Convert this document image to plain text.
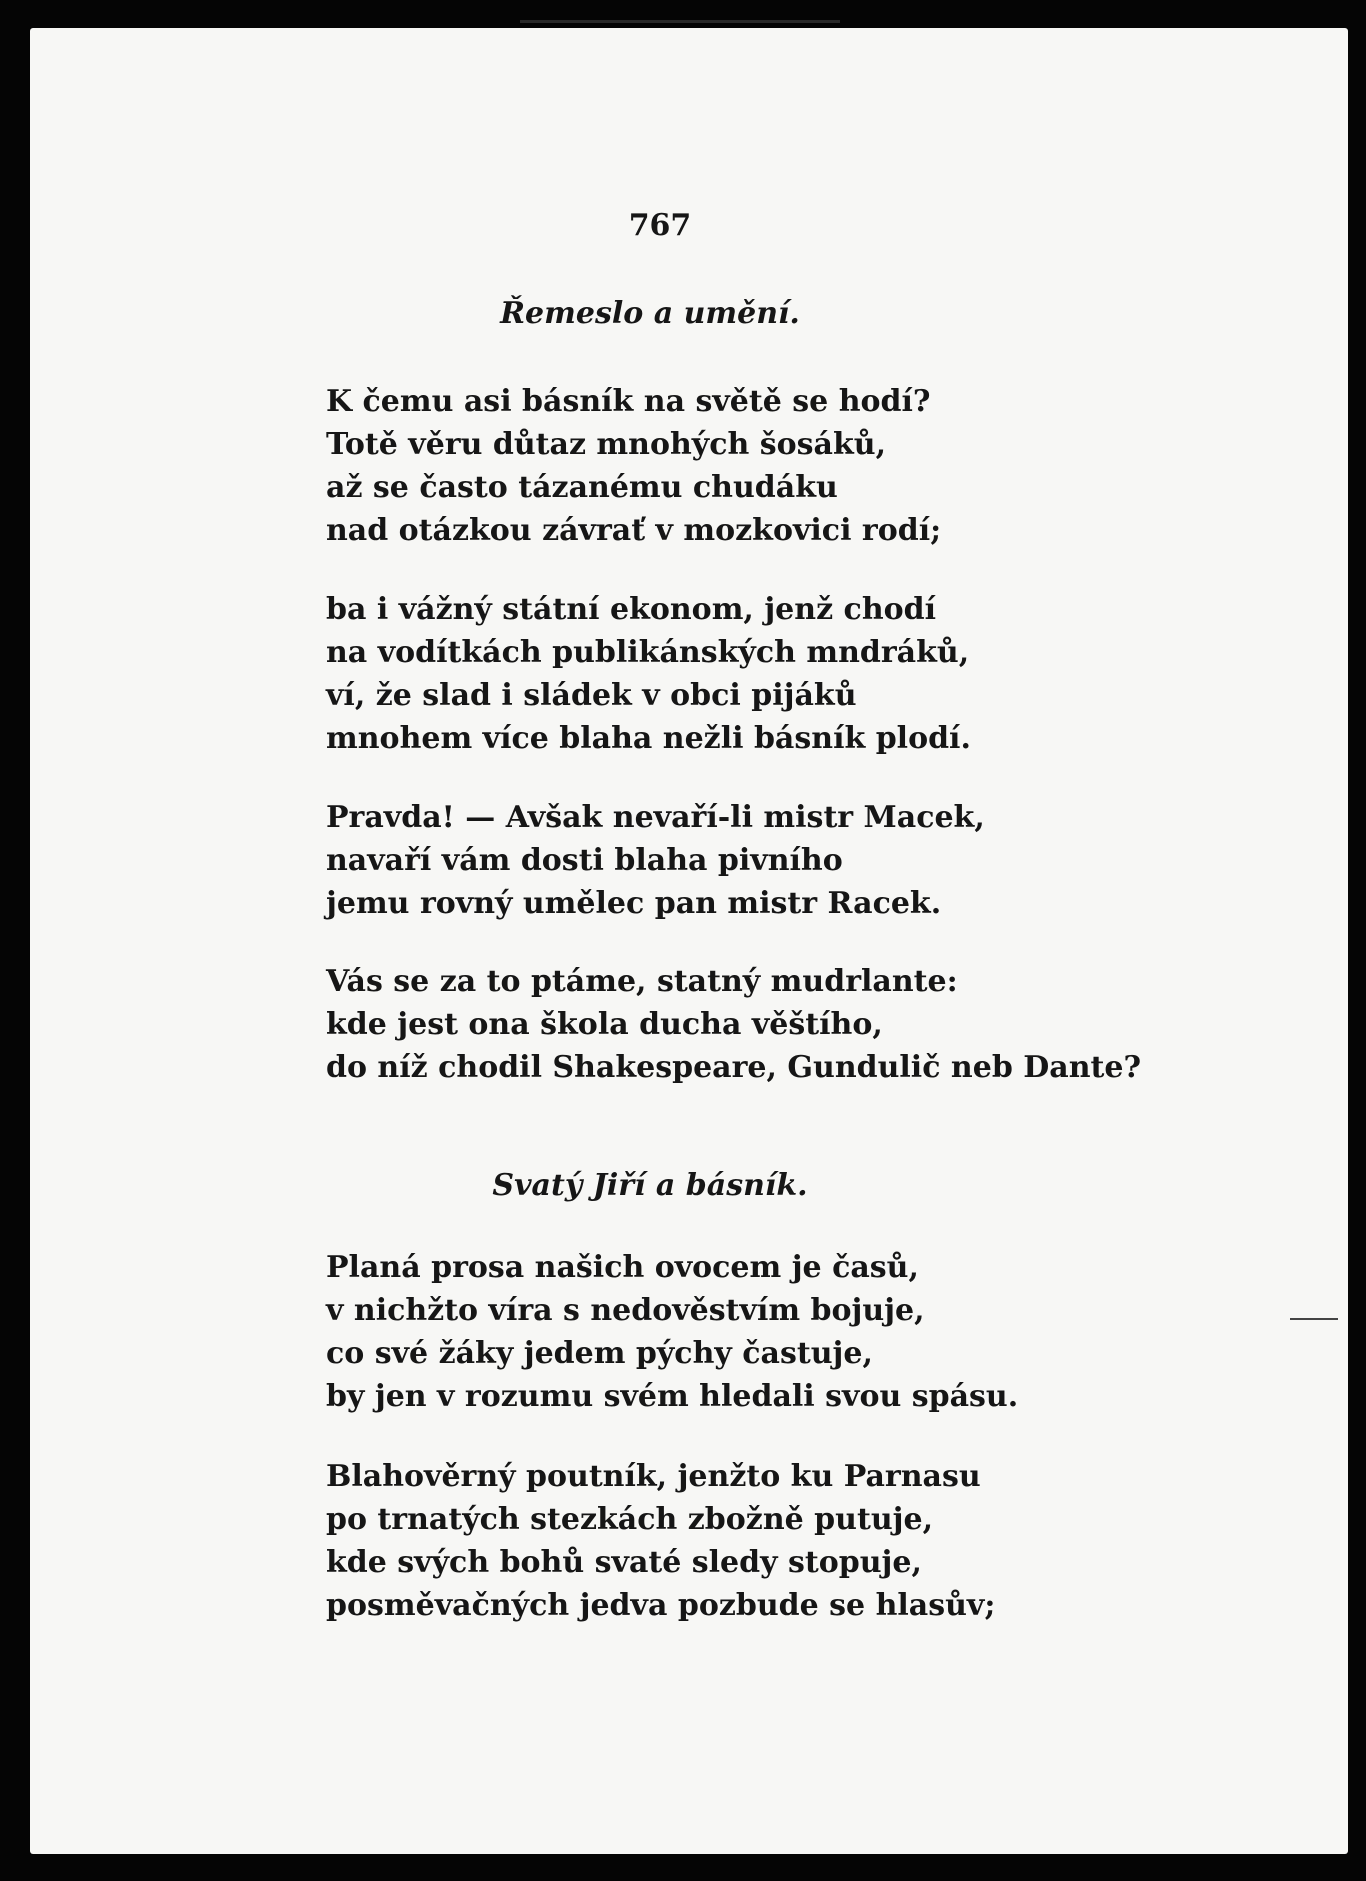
767
Řemeslo a umění.
K čemu asi básník na světě se hodí?
Totě věru důtaz mnohých šosáků,
až se často tázanému chudáku
nad otázkou závrať v mozkovici rodí;
ba i vážný státní ekonom, jenž chodí
na vodítkách publikánských mndráků,
ví, že slad i sládek v obci pijáků
mnohem více blaha nežli básník plodí.
Pravda! — Avšak nevaří-li mistr Macek,
navaří vám dosti blaha pivního
jemu rovný umělec pan mistr Racek.
Vás se za to ptáme, statný mudrlante:
kde jest ona škola ducha věštího,
do níž chodil Shakespeare, Gundulič neb Dante?
Svatý Jiří a básník.
Planá prosa našich ovocem je časů,
v nichžto víra s nedověstvím bojuje,
co své žáky jedem pýchy častuje,
by jen v rozumu svém hledali svou spásu.
Blahověrný poutník, jenžto ku Parnasu
po trnatých stezkách zbožně putuje,
kde svých bohů svaté sledy stopuje,
posměvačných jedva pozbude se hlasův;
